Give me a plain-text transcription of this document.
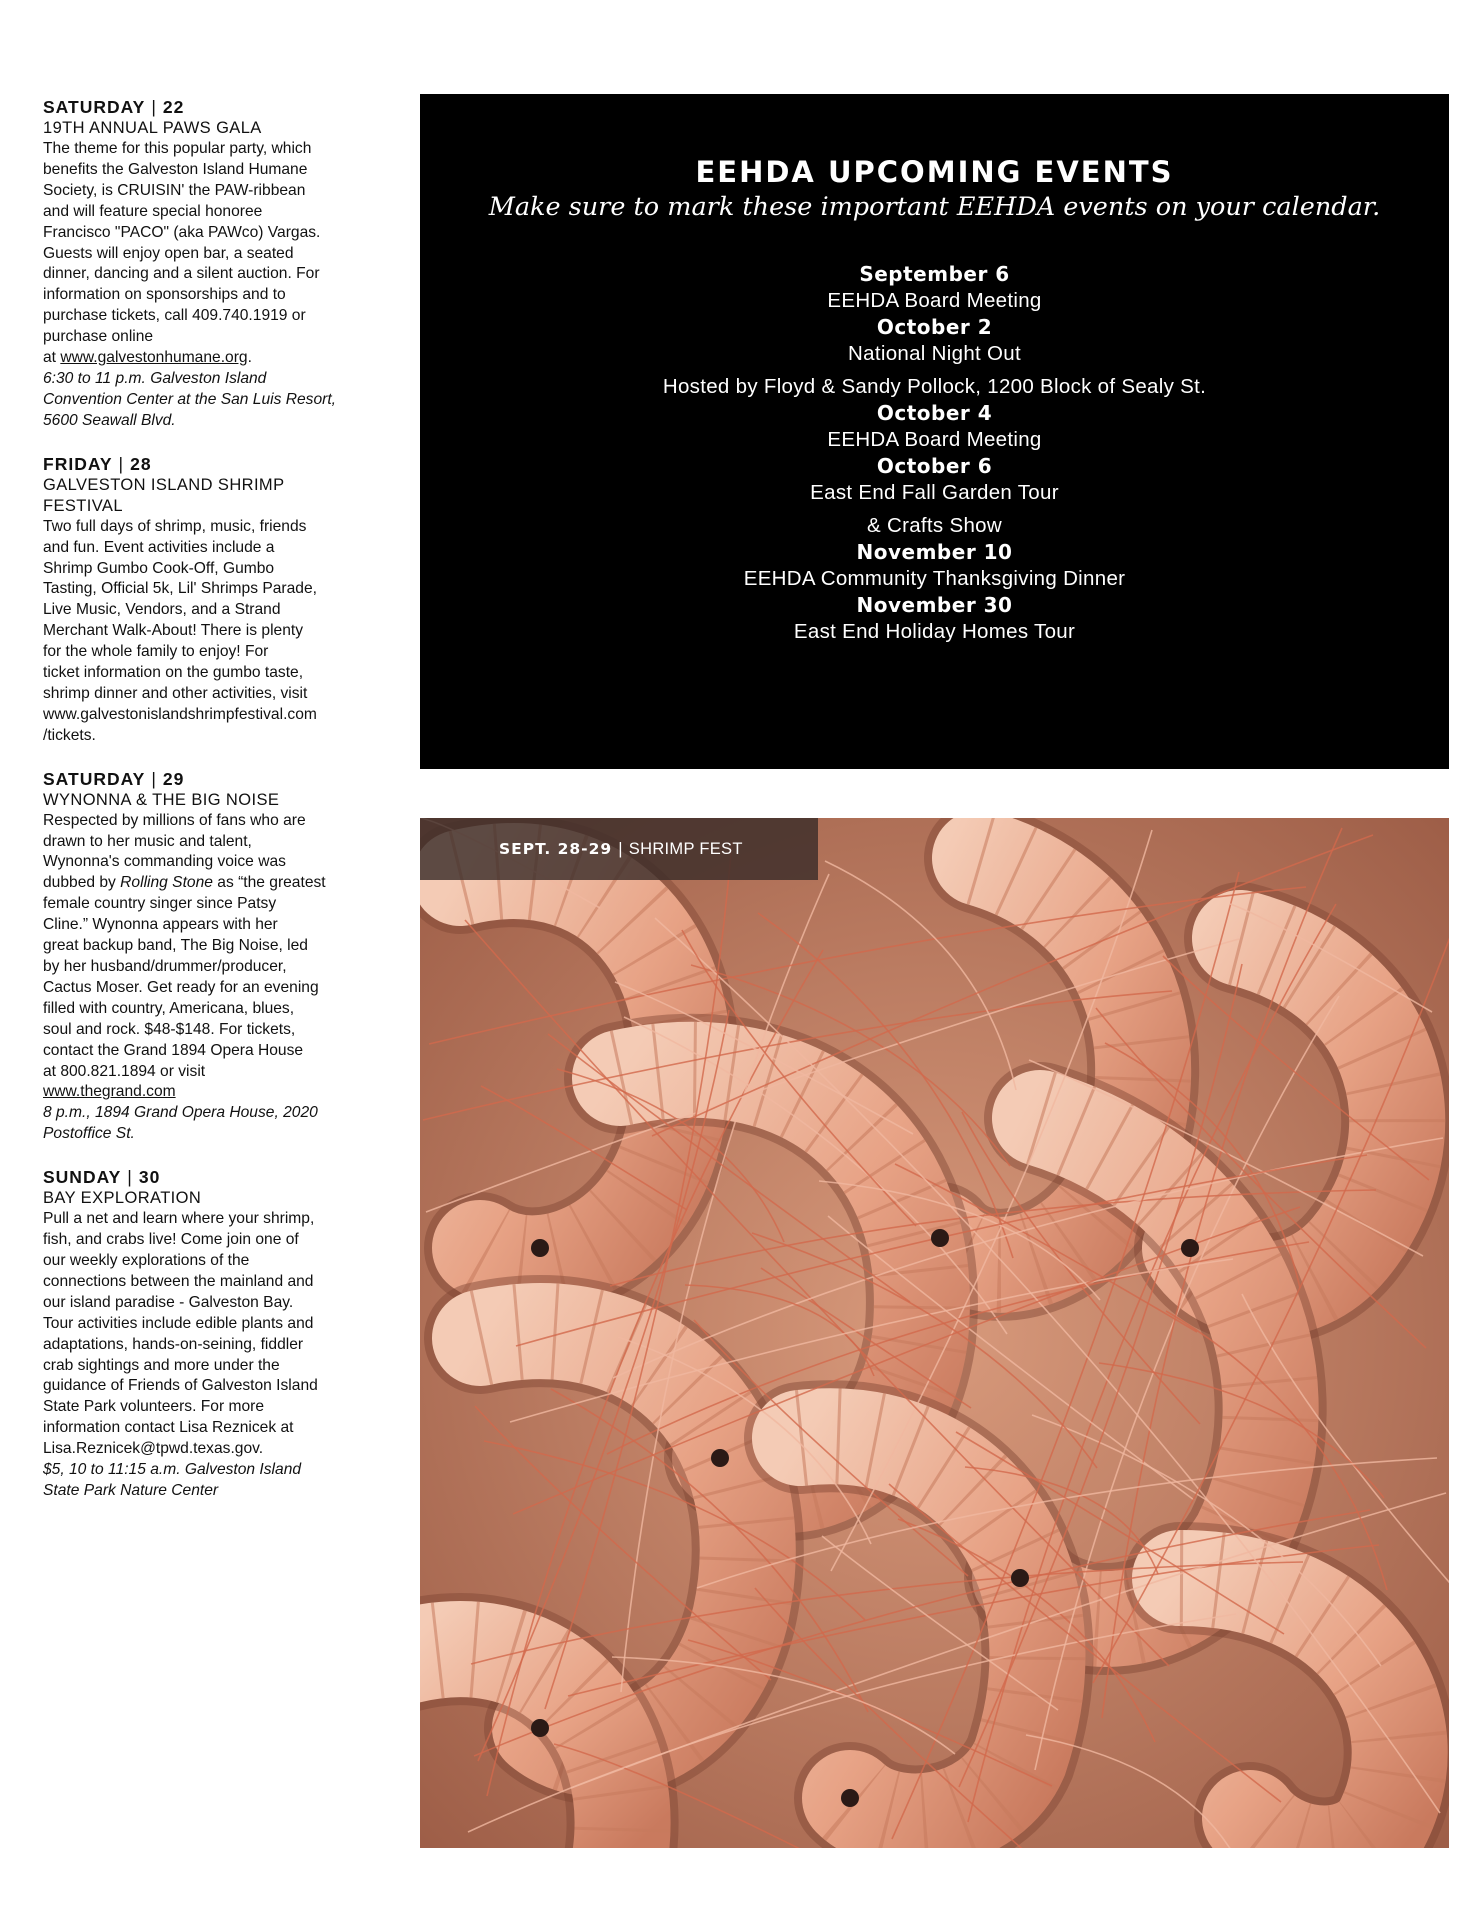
SATURDAY | 22
19TH ANNUAL PAWS GALA
The theme for this popular party, which
benefits the Galveston Island Humane
Society, is CRUISIN' the PAW-ribbean
and will feature special honoree
Francisco "PACO" (aka PAWco) Vargas.
Guests will enjoy open bar, a seated
dinner, dancing and a silent auction. For
information on sponsorships and to
purchase tickets, call 409.740.1919 or
purchase online
at www.galvestonhumane.org.
6:30 to 11 p.m. Galveston Island
Convention Center at the San Luis Resort,
5600 Seawall Blvd.
FRIDAY | 28
GALVESTON ISLAND SHRIMP
FESTIVAL
Two full days of shrimp, music, friends
and fun. Event activities include a
Shrimp Gumbo Cook-Off, Gumbo
Tasting, Official 5k, Lil' Shrimps Parade,
Live Music, Vendors, and a Strand
Merchant Walk-About! There is plenty
for the whole family to enjoy! For
ticket information on the gumbo taste,
shrimp dinner and other activities, visit
www.galvestonislandshrimpfestival.com
/tickets.
SATURDAY | 29
WYNONNA & THE BIG NOISE
Respected by millions of fans who are
drawn to her music and talent,
Wynonna's commanding voice was
dubbed by Rolling Stone as “the greatest
female country singer since Patsy
Cline.” Wynonna appears with her
great backup band, The Big Noise, led
by her husband/drummer/producer,
Cactus Moser. Get ready for an evening
filled with country, Americana, blues,
soul and rock. $48-$148. For tickets,
contact the Grand 1894 Opera House
at 800.821.1894 or visit
www.thegrand.com
8 p.m., 1894 Grand Opera House, 2020
Postoffice St.
SUNDAY | 30
BAY EXPLORATION
Pull a net and learn where your shrimp,
fish, and crabs live! Come join one of
our weekly explorations of the
connections between the mainland and
our island paradise - Galveston Bay.
Tour activities include edible plants and
adaptations, hands-on-seining, fiddler
crab sightings and more under the
guidance of Friends of Galveston Island
State Park volunteers. For more
information contact Lisa Reznicek at
Lisa.Reznicek@tpwd.texas.gov.
$5, 10 to 11:15 a.m. Galveston Island
State Park Nature Center
EEHDA UPCOMING EVENTS

Make sure to mark these important EEHDA events on your calendar.

September 6
EEHDA Board Meeting
October 2
National Night Out
Hosted by Floyd & Sandy Pollock, 1200 Block of Sealy St.
October 4
EEHDA Board Meeting
October 6
East End Fall Garden Tour
& Crafts Show
November 10
EEHDA Community Thanksgiving Dinner
November 30
East End Holiday Homes Tour
SEPT. 28-29 | SHRIMP FEST
